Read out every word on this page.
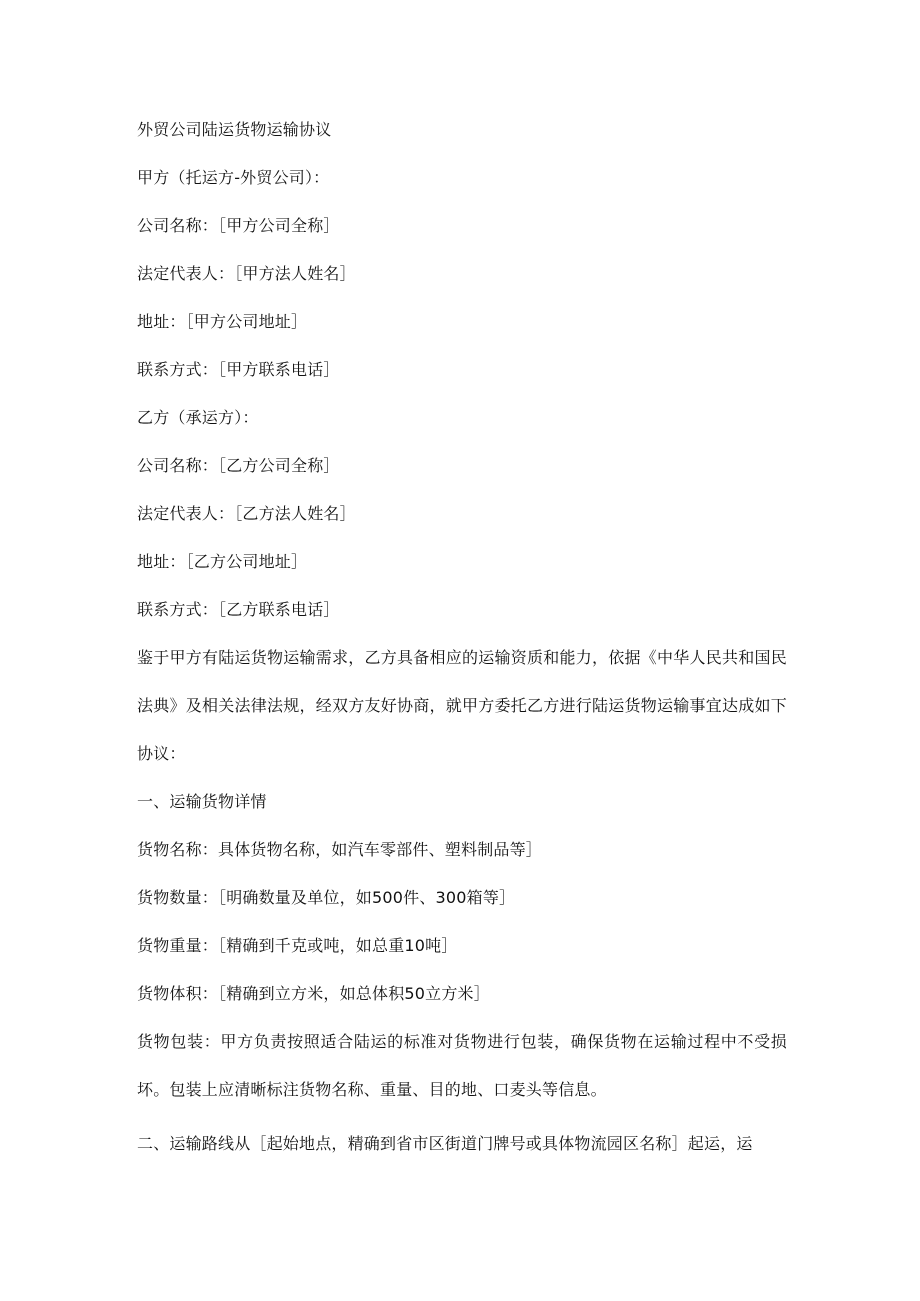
外贸公司陆运货物运输协议
甲方（托运方-外贸公司）：
公司名称：［甲方公司全称］
法定代表人：［甲方法人姓名］
地址：［甲方公司地址］
联系方式：［甲方联系电话］
乙方（承运方）：
公司名称：［乙方公司全称］
法定代表人：［乙方法人姓名］
地址：［乙方公司地址］
联系方式：［乙方联系电话］
鉴于甲方有陆运货物运输需求，乙方具备相应的运输资质和能力，依据《中华人民共和国民法典》及相关法律法规，经双方友好协商，就甲方委托乙方进行陆运货物运输事宜达成如下协议：
一、运输货物详情
货物名称：具体货物名称，如汽车零部件、塑料制品等］
货物数量：［明确数量及单位，如500件、300箱等］
货物重量：［精确到千克或吨，如总重10吨］
货物体积：［精确到立方米，如总体积50立方米］
货物包装：甲方负责按照适合陆运的标准对货物进行包装，确保货物在运输过程中不受损坏。包装上应清晰标注货物名称、重量、目的地、口麦头等信息。
二、运输路线从［起始地点，精确到省市区街道门牌号或具体物流园区名称］起运，运
